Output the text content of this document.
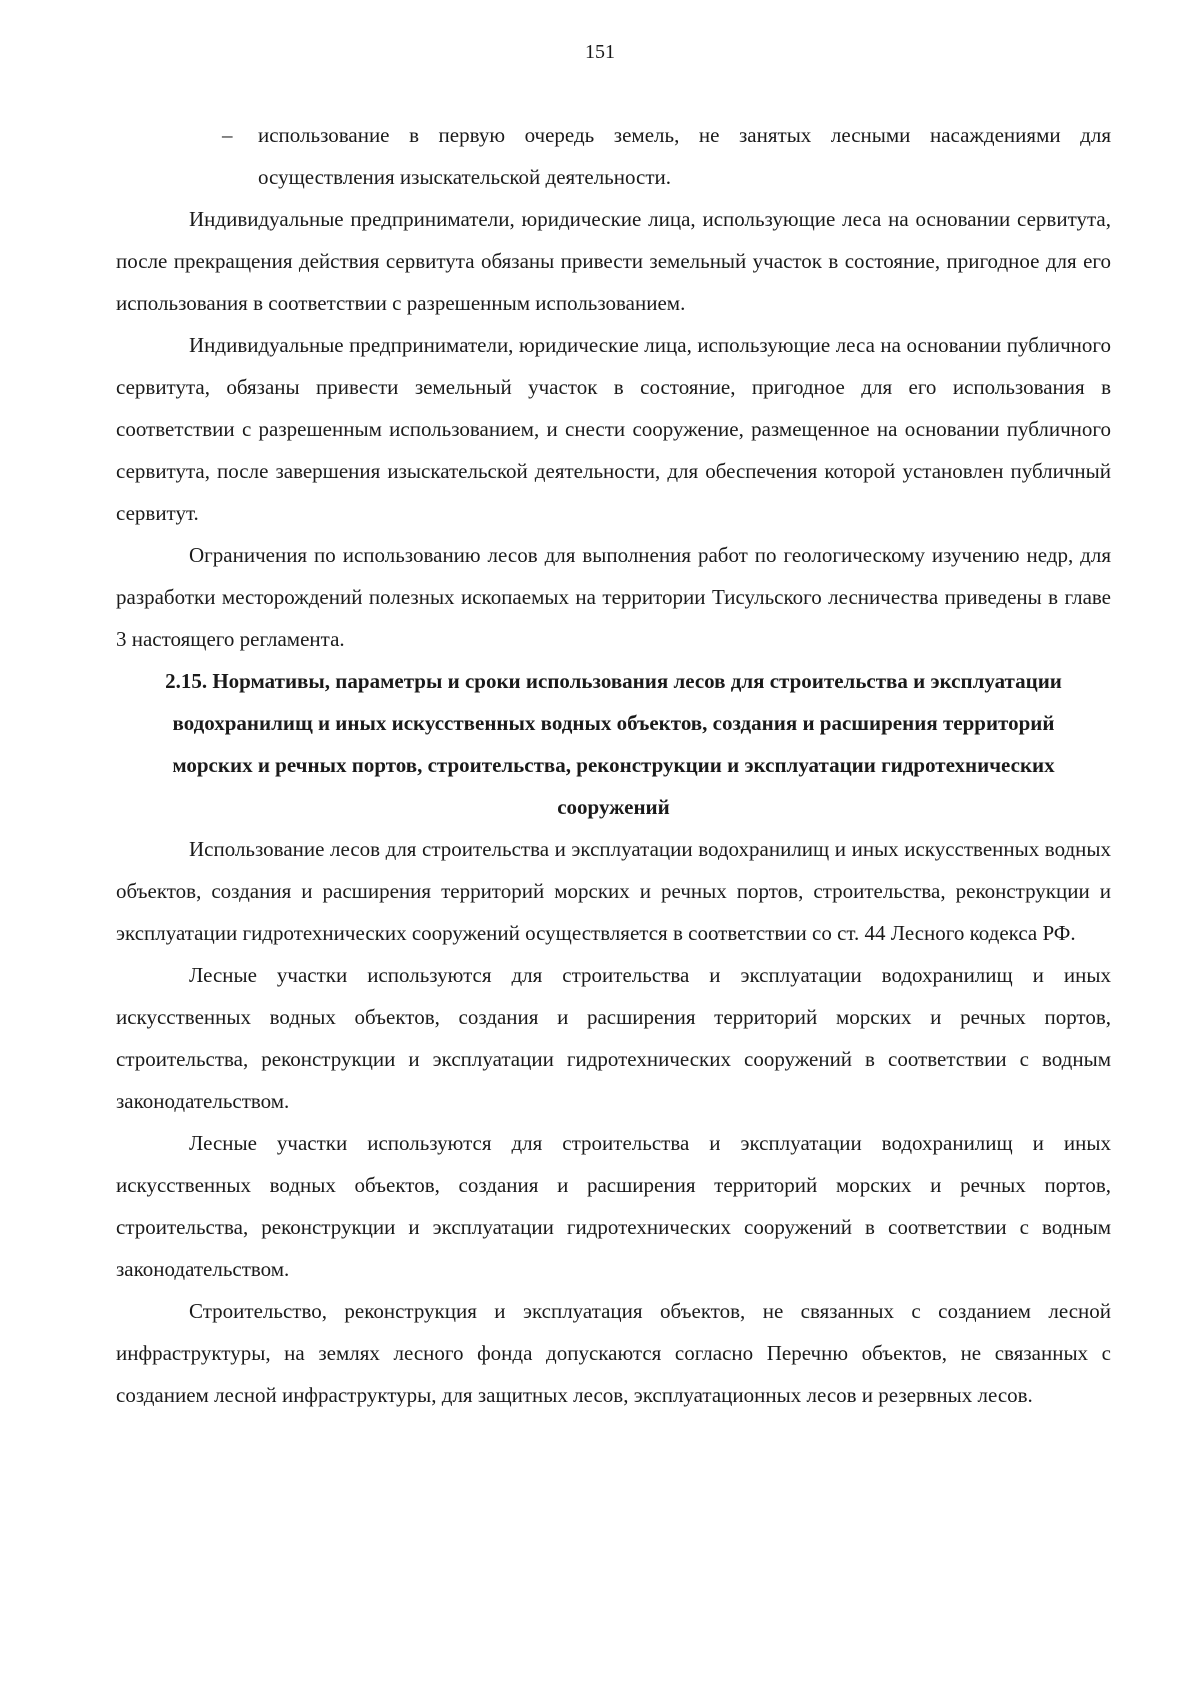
151

– использование в первую очередь земель, не занятых лесными насаждениями для осуществления изыскательской деятельности.

Индивидуальные предприниматели, юридические лица, использующие леса на основании сервитута, после прекращения действия сервитута обязаны привести земельный участок в состояние, пригодное для его использования в соответствии с разрешенным использованием.

Индивидуальные предприниматели, юридические лица, использующие леса на основании публичного сервитута, обязаны привести земельный участок в состояние, пригодное для его использования в соответствии с разрешенным использованием, и снести сооружение, размещенное на основании публичного сервитута, после завершения изыскательской деятельности, для обеспечения которой установлен публичный сервитут.

Ограничения по использованию лесов для выполнения работ по геологическому изучению недр, для разработки месторождений полезных ископаемых на территории Тисульского лесничества приведены в главе 3 настоящего регламента.

2.15. Нормативы, параметры и сроки использования лесов для строительства и эксплуатации водохранилищ и иных искусственных водных объектов, создания и расширения территорий морских и речных портов, строительства, реконструкции и эксплуатации гидротехнических сооружений

Использование лесов для строительства и эксплуатации водохранилищ и иных искусственных водных объектов, создания и расширения территорий морских и речных портов, строительства, реконструкции и эксплуатации гидротехнических сооружений осуществляется в соответствии со ст. 44 Лесного кодекса РФ.

Лесные участки используются для строительства и эксплуатации водохранилищ и иных искусственных водных объектов, создания и расширения территорий морских и речных портов, строительства, реконструкции и эксплуатации гидротехнических сооружений в соответствии с водным законодательством.

Лесные участки используются для строительства и эксплуатации водохранилищ и иных искусственных водных объектов, создания и расширения территорий морских и речных портов, строительства, реконструкции и эксплуатации гидротехнических сооружений в соответствии с водным законодательством.

Строительство, реконструкция и эксплуатация объектов, не связанных с созданием лесной инфраструктуры, на землях лесного фонда допускаются согласно Перечню объектов, не связанных с созданием лесной инфраструктуры, для защитных лесов, эксплуатационных лесов и резервных лесов.
